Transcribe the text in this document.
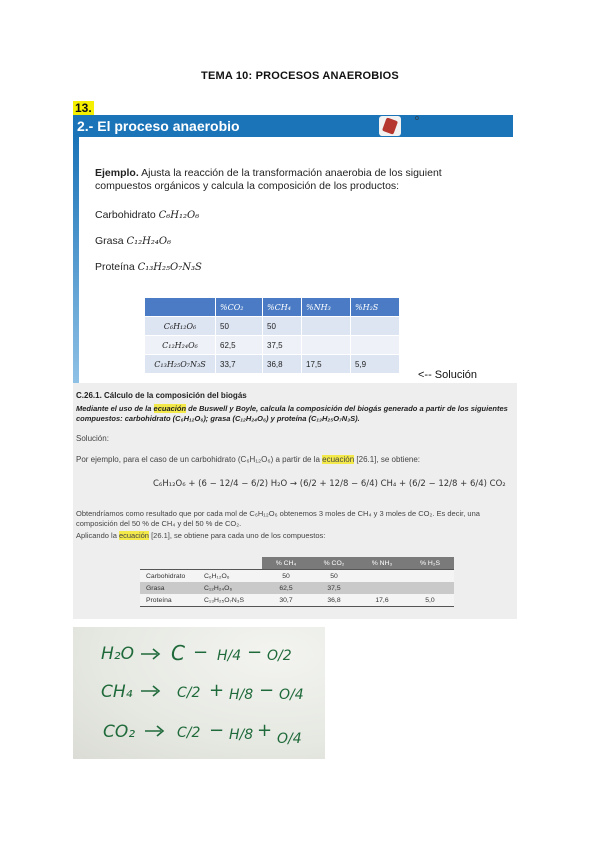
TEMA 10: PROCESOS ANAEROBIOS
13.
2.- El proceso anaerobio	o
Ejemplo. Ajusta la reacción de la transformación anaerobia de los siguient compuestos orgánicos y calcula la composición de los productos:
Carbohidrato C₆H₁₂O₆
Grasa C₁₂H₂₄O₆
Proteína C₁₃H₂₅O₇N₃S
	%CO₂	%CH₄	%NH₃	%H₂S
C₆H₁₂O₆	50	50		
C₁₂H₂₄O₆	62,5	37,5		
C₁₃H₂₅O₇N₃S	33,7	36,8	17,5	5,9
<-- Solución
C.26.1. Cálculo de la composición del biogás
Mediante el uso de la ecuación de Buswell y Boyle, calcula la composición del biogás generado a partir de los siguientes compuestos: carbohidrato (C₆H₁₂O₆); grasa (C₁₂H₂₄O₆) y proteína (C₁₃H₂₅O₇N₃S).
Solución:
Por ejemplo, para el caso de un carbohidrato (C₆H₁₂O₆) a partir de la ecuación [26.1], se obtiene:
C₆H₁₂O₆ + (6 − 12/4 − 6/2) H₂O → (6/2 + 12/8 − 6/4) CH₄ + (6/2 − 12/8 + 6/4) CO₂
Obtendríamos como resultado que por cada mol de C₆H₁₂O₆ obtenemos 3 moles de CH₄ y 3 moles de CO₂. Es decir, una composición del 50 % de CH₄ y del 50 % de CO₂.
Aplicando la ecuación [26.1], se obtiene para cada uno de los compuestos:
		% CH₄	% CO₂	% NH₃	% H₂S
Carbohidrato	C₆H₁₂O₆	50	50		
Grasa	C₁₂H₂₄O₆	62,5	37,5		
Proteína	C₁₃H₂₅O₇N₃S	30,7	36,8	17,6	5,0
H₂O C − H/4 − O/2
CH₄	C/2 + H/8 − O/4
CO₂	C/2 − H/8 + O/4
